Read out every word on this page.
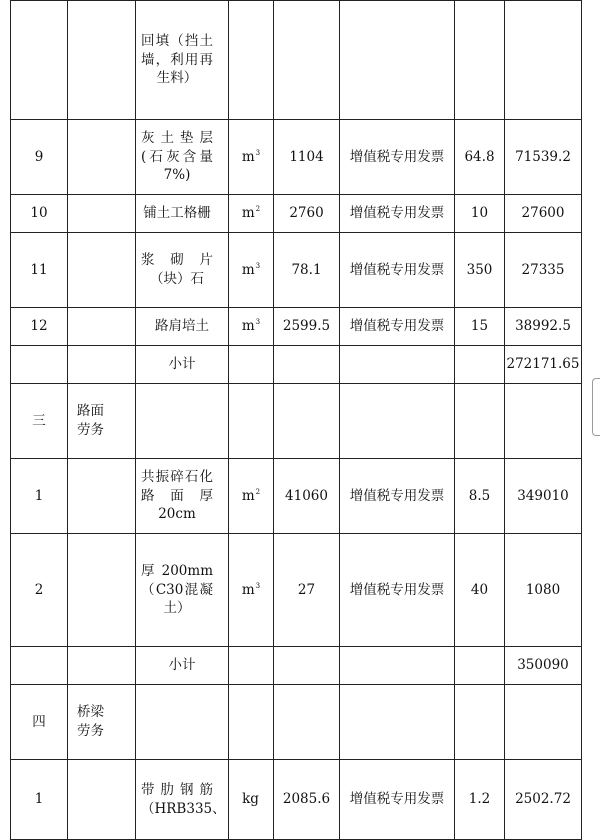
		回填（挡土墙，利用再生料）					

9		灰土垫层(石灰含量7%)	$m^3$	1104	增值税专用发票	64.8	71539.2
10		铺土工格栅	$m^2$	2760	增值税专用发票	10	27600
11		浆砌片（块）石	$m^3$	78.1	增值税专用发票	350	27335
12		路肩培土	$m^3$	2599.5	增值税专用发票	15	38992.5

		小计					272171.65
三	路面劳务						

1		共振碎石化路面厚20cm	$m^2$	41060	增值税专用发票	8.5	349010
2		厚200mm（C30混凝土）	$m^3$	27	增值税专用发票	40	1080

		小计					350090
四	桥梁劳务						

1		带肋钢筋（HRB335、	kg	2085.6	增值税专用发票	1.2	2502.72
